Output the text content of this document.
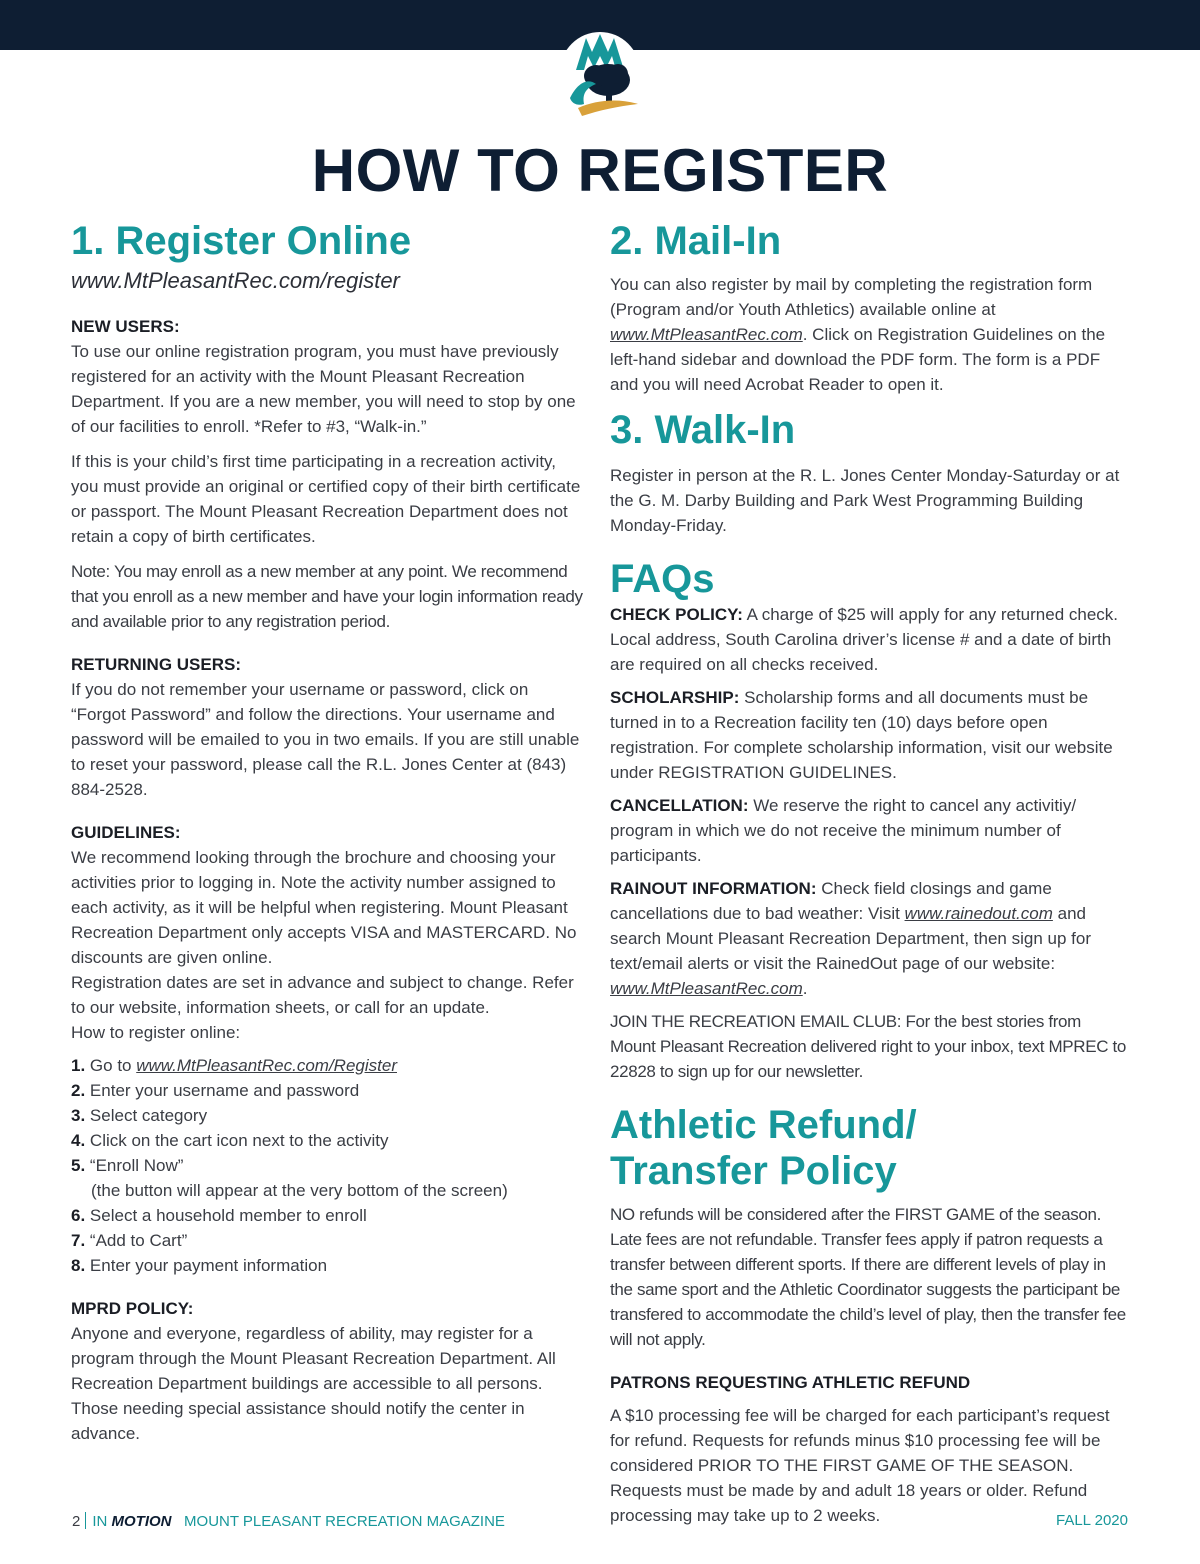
HOW TO REGISTER
1. Register Online
www.MtPleasantRec.com/register
NEW USERS:

To use our online registration program, you must have previously registered for an activity with the Mount Pleasant Recreation Department. If you are a new member, you will need to stop by one of our facilities to enroll. *Refer to #3, “Walk-in.”

If this is your child’s first time participating in a recreation activity, you must provide an original or certified copy of their birth certificate or passport. The Mount Pleasant Recreation Department does not retain a copy of birth certificates.

Note: You may enroll as a new member at any point. We recommend that you enroll as a new member and have your login information ready and available prior to any registration period.

RETURNING USERS:

If you do not remember your username or password, click on “Forgot Password” and follow the directions. Your username and password will be emailed to you in two emails. If you are still unable to reset your password, please call the R.L. Jones Center at (843) 884-2528.

GUIDELINES:

We recommend looking through the brochure and choosing your activities prior to logging in. Note the activity number assigned to each activity, as it will be helpful when registering. Mount Pleasant Recreation Department only accepts VISA and MASTERCARD. No discounts are given online.

Registration dates are set in advance and subject to change. Refer to our website, information sheets, or call for an update.

How to register online:

1. Go to www.MtPleasantRec.com/Register
2. Enter your username and password
3. Select category
4. Click on the cart icon next to the activity
5. “Enroll Now”
(the button will appear at the very bottom of the screen)
6. Select a household member to enroll
7. “Add to Cart”
8. Enter your payment information
MPRD POLICY:

Anyone and everyone, regardless of ability, may register for a program through the Mount Pleasant Recreation Department. All Recreation Department buildings are accessible to all persons. Those needing special assistance should notify the center in advance.

2. Mail-In

You can also register by mail by completing the registration form (Program and/or Youth Athletics) available online at www.MtPleasantRec.com. Click on Registration Guidelines on the left-hand sidebar and download the PDF form. The form is a PDF and you will need Acrobat Reader to open it.

3. Walk-In

Register in person at the R. L. Jones Center Monday-Saturday or at the G. M. Darby Building and Park West Programming Building Monday-Friday.

FAQs

CHECK POLICY: A charge of $25 will apply for any returned check. Local address, South Carolina driver’s license # and a date of birth are required on all checks received.

SCHOLARSHIP: Scholarship forms and all documents must be turned in to a Recreation facility ten (10) days before open registration. For complete scholarship information, visit our website under REGISTRATION GUIDELINES.

CANCELLATION: We reserve the right to cancel any activitiy/ program in which we do not receive the minimum number of participants.

RAINOUT INFORMATION: Check field closings and game cancellations due to bad weather: Visit www.rainedout.com and search Mount Pleasant Recreation Department, then sign up for text/email alerts or visit the RainedOut page of our website: www.MtPleasantRec.com.

JOIN THE RECREATION EMAIL CLUB: For the best stories from Mount Pleasant Recreation delivered right to your inbox, text MPREC to 22828 to sign up for our newsletter.

Athletic Refund/
Transfer Policy

NO refunds will be considered after the FIRST GAME of the season. Late fees are not refundable. Transfer fees apply if patron requests a transfer between different sports. If there are different levels of play in the same sport and the Athletic Coordinator suggests the participant be transfered to accommodate the child’s level of play, then the transfer fee will not apply.

PATRONS REQUESTING ATHLETIC REFUND

A $10 processing fee will be charged for each participant’s request for refund. Requests for refunds minus $10 processing fee will be considered PRIOR TO THE FIRST GAME OF THE SEASON. Requests must be made by and adult 18 years or older. Refund processing may take up to 2 weeks.

2 IN MOTION MOUNT PLEASANT RECREATION MAGAZINE	FALL 2020
